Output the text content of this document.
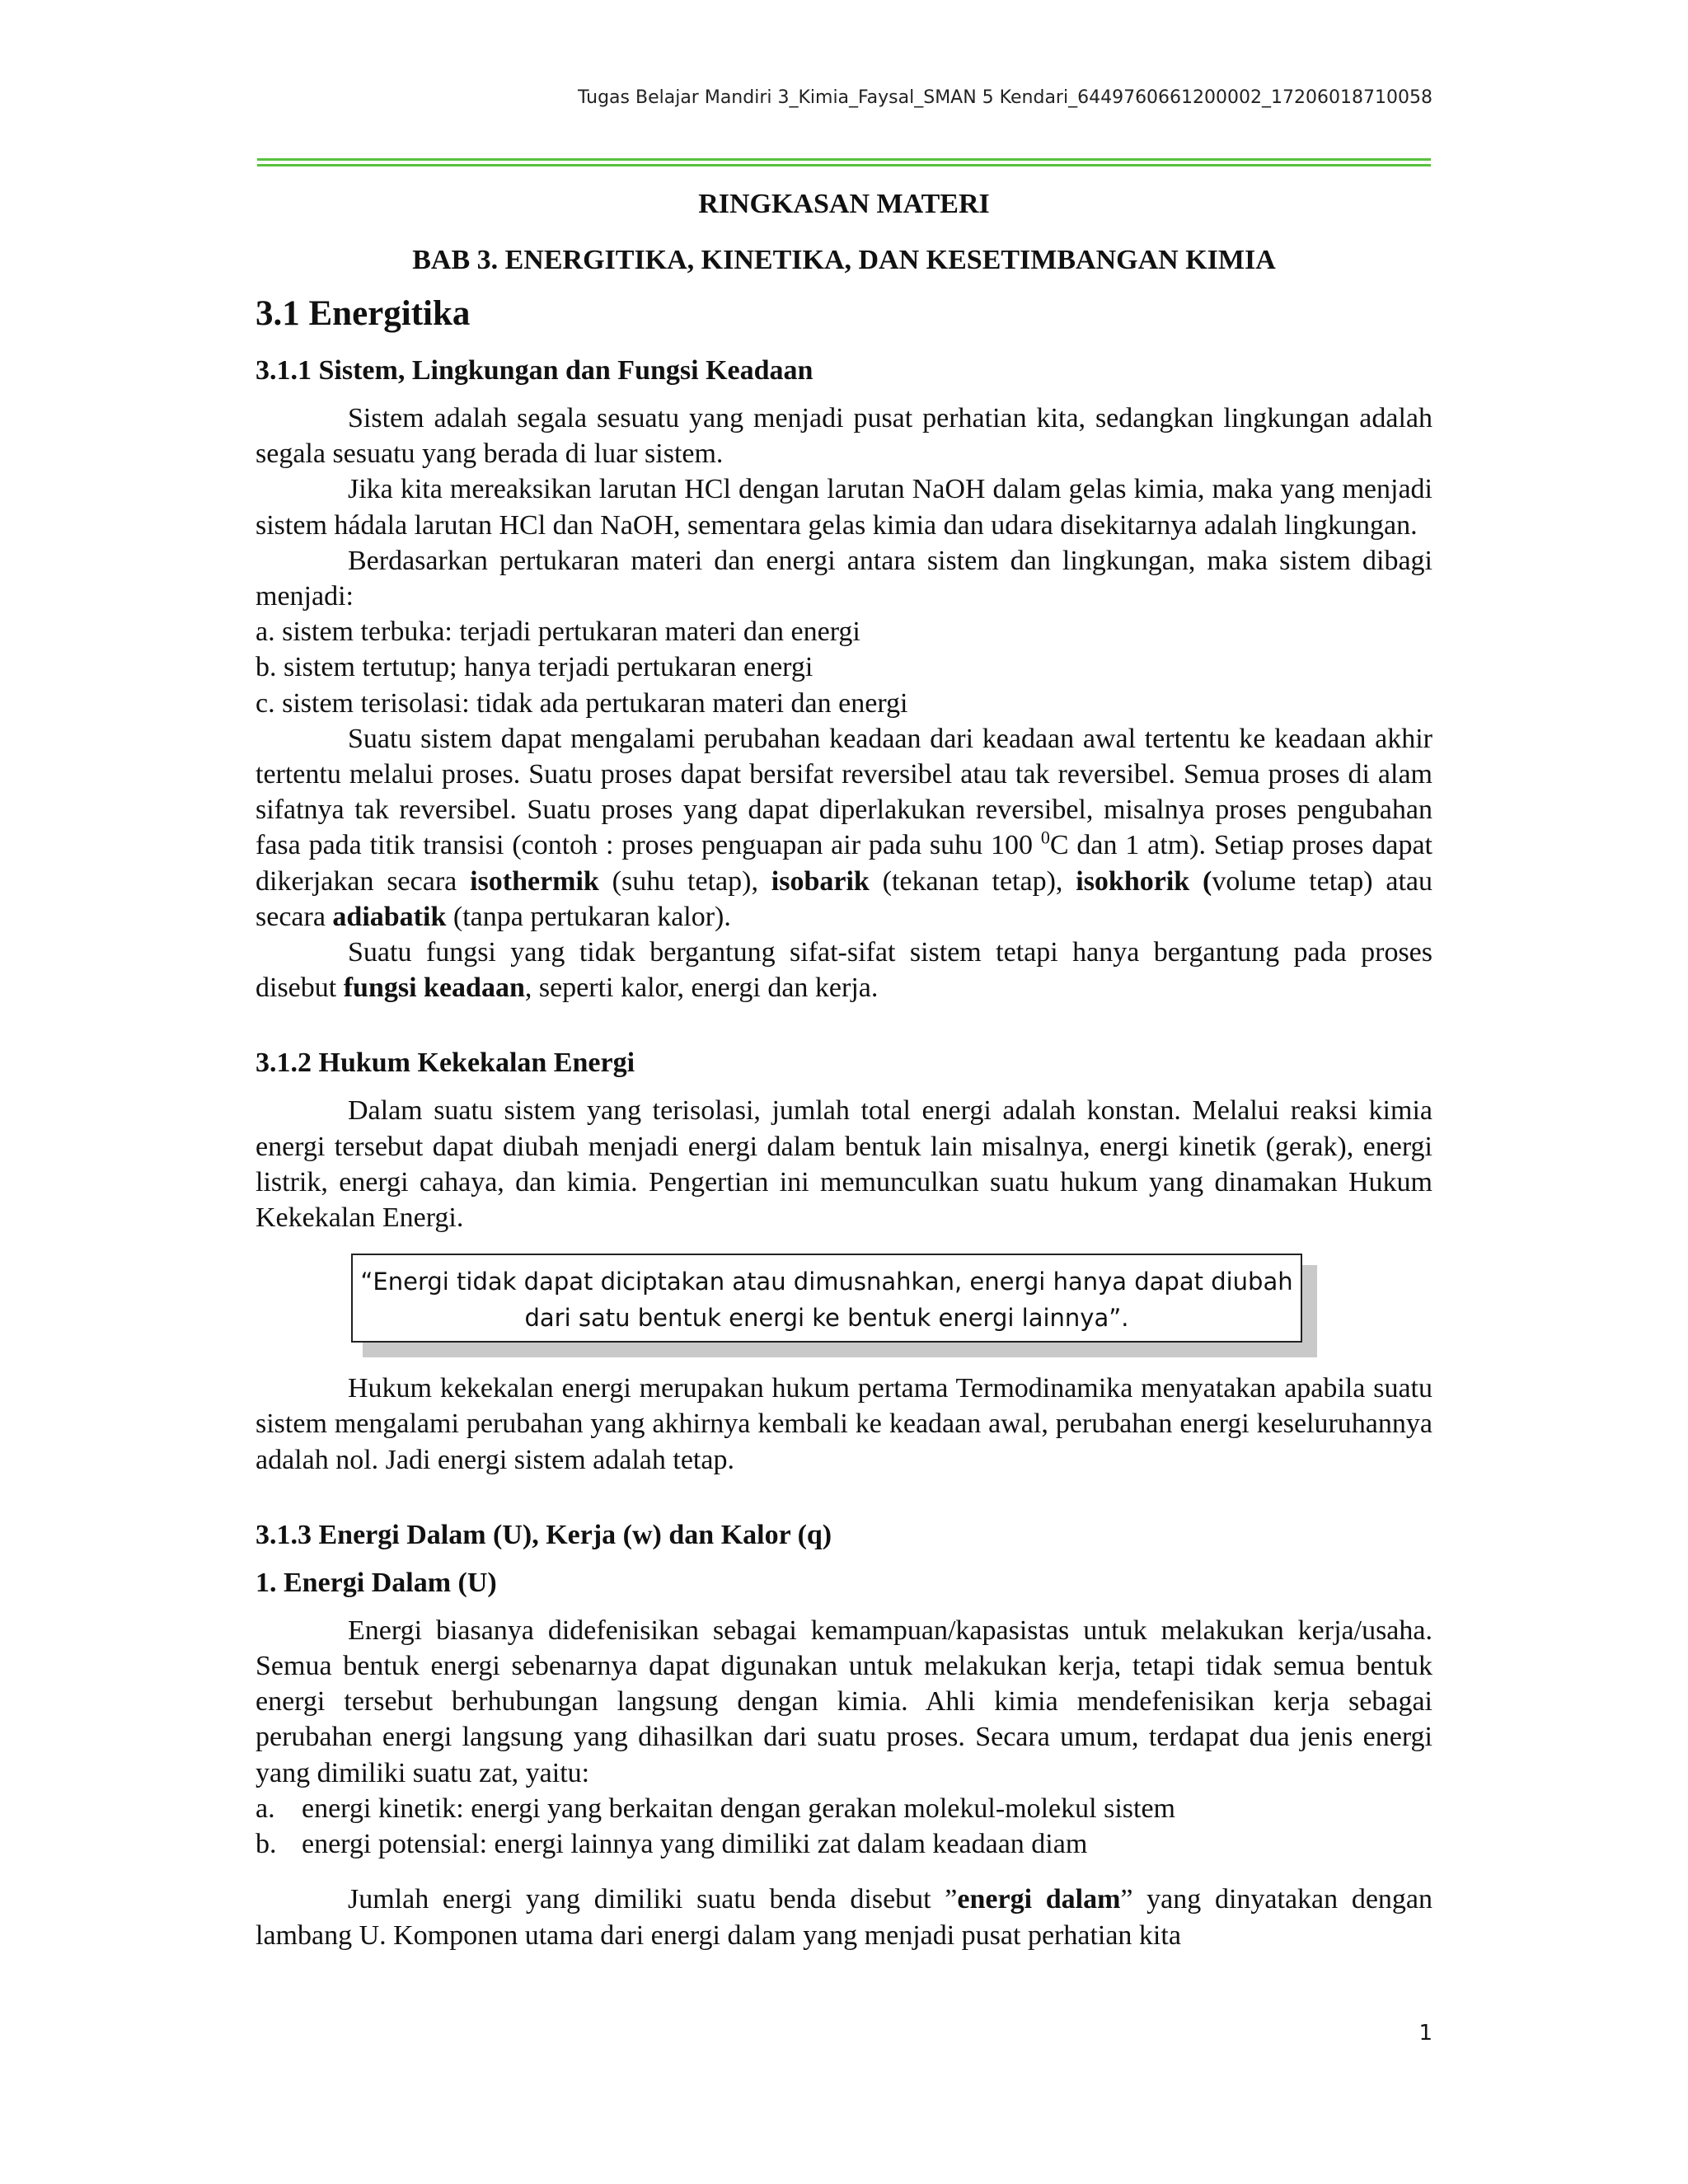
Tugas Belajar Mandiri 3_Kimia_Faysal_SMAN 5 Kendari_6449760661200002_17206018710058

RINGKASAN MATERI

BAB 3. ENERGITIKA, KINETIKA, DAN KESETIMBANGAN KIMIA

3.1 Energitika
3.1.1 Sistem, Lingkungan dan Fungsi Keadaan

Sistem adalah segala sesuatu yang menjadi pusat perhatian kita, sedangkan lingkungan adalah segala sesuatu yang berada di luar sistem.

Jika kita mereaksikan larutan HCl dengan larutan NaOH dalam gelas kimia, maka yang menjadi sistem hádala larutan HCl dan NaOH, sementara gelas kimia dan udara disekitarnya adalah lingkungan.

Berdasarkan pertukaran materi dan energi antara sistem dan lingkungan, maka sistem dibagi menjadi:

a. sistem terbuka: terjadi pertukaran materi dan energi

b. sistem tertutup; hanya terjadi pertukaran energi

c. sistem terisolasi: tidak ada pertukaran materi dan energi

Suatu sistem dapat mengalami perubahan keadaan dari keadaan awal tertentu ke keadaan akhir tertentu melalui proses. Suatu proses dapat bersifat reversibel atau tak reversibel. Semua proses di alam sifatnya tak reversibel. Suatu proses yang dapat diperlakukan reversibel, misalnya proses pengubahan fasa pada titik transisi (contoh : proses penguapan air pada suhu 100 $^0$C dan 1 atm). Setiap proses dapat dikerjakan secara isothermik (suhu tetap), isobarik (tekanan tetap), isokhorik (volume tetap) atau secara adiabatik (tanpa pertukaran kalor).

Suatu fungsi yang tidak bergantung sifat-sifat sistem tetapi hanya bergantung pada proses disebut fungsi keadaan, seperti kalor, energi dan kerja.

3.1.2 Hukum Kekekalan Energi

Dalam suatu sistem yang terisolasi, jumlah total energi adalah konstan. Melalui reaksi kimia energi tersebut dapat diubah menjadi energi dalam bentuk lain misalnya, energi kinetik (gerak), energi listrik, energi cahaya, dan kimia. Pengertian ini memunculkan suatu hukum yang dinamakan Hukum Kekekalan Energi.

“Energi tidak dapat diciptakan atau dimusnahkan, energi hanya dapat diubah
dari satu bentuk energi ke bentuk energi lainnya”.

Hukum kekekalan energi merupakan hukum pertama Termodinamika menyatakan apabila suatu sistem mengalami perubahan yang akhirnya kembali ke keadaan awal, perubahan energi keseluruhannya adalah nol. Jadi energi sistem adalah tetap.

3.1.3 Energi Dalam (U), Kerja (w) dan Kalor (q)
1. Energi Dalam (U)

Energi biasanya didefenisikan sebagai kemampuan/kapasistas untuk melakukan kerja/usaha. Semua bentuk energi sebenarnya dapat digunakan untuk melakukan kerja, tetapi tidak semua bentuk energi tersebut berhubungan langsung dengan kimia. Ahli kimia mendefenisikan kerja sebagai perubahan energi langsung yang dihasilkan dari suatu proses. Secara umum, terdapat dua jenis energi yang dimiliki suatu zat, yaitu:

a. energi kinetik: energi yang berkaitan dengan gerakan molekul-molekul sistem
b. energi potensial: energi lainnya yang dimiliki zat dalam keadaan diam

Jumlah energi yang dimiliki suatu benda disebut ”energi dalam” yang dinyatakan dengan lambang U. Komponen utama dari energi dalam yang menjadi pusat perhatian kita

1
